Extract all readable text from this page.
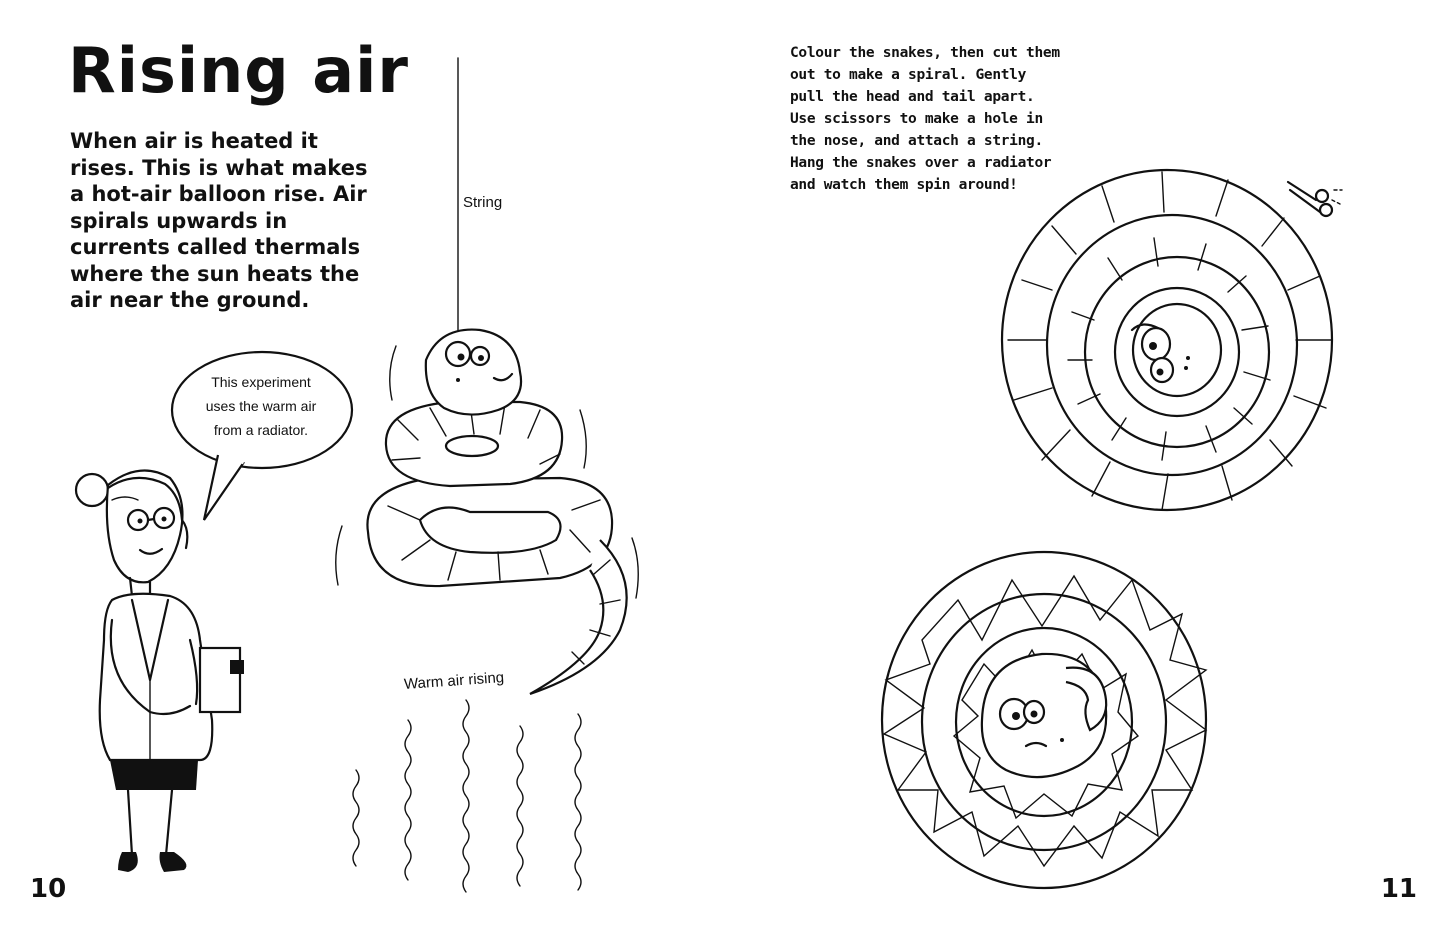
Rising air

When air is heated it rises. This is what makes a hot-air balloon rise. Air spirals upwards in currents called thermals where the sun heats the air near the ground.

This experiment
uses the warm air
from a radiator.

String

Warm air rising

10

Colour the snakes, then cut them out to make a spiral. Gently pull the head and tail apart. Use scissors to make a hole in the nose, and attach a string. Hang the snakes over a radiator and watch them spin around!

11
